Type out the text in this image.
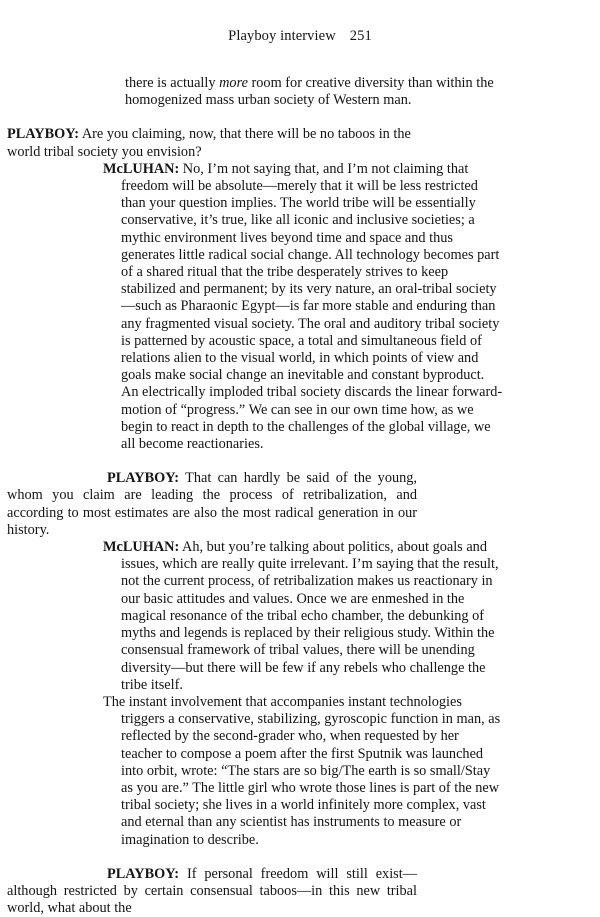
Playboy interview 251

there is actually more room for creative diversity than within the homogenized mass urban society of Western man.

PLAYBOY: Are you claiming, now, that there will be no taboos in the world tribal society you envision?

McLUHAN: No, I’m not saying that, and I’m not claiming that freedom will be absolute—merely that it will be less restricted than your question implies. The world tribe will be essentially conservative, it’s true, like all iconic and inclusive societies; a mythic environment lives beyond time and space and thus generates little radical social change. All technology becomes part of a shared ritual that the tribe desperately strives to keep stabilized and permanent; by its very nature, an oral-tribal society—such as Pharaonic Egypt—is far more stable and enduring than any fragmented visual society. The oral and auditory tribal society is patterned by acoustic space, a total and simultaneous field of relations alien to the visual world, in which points of view and goals make social change an inevitable and constant byproduct. An electrically imploded tribal society discards the linear forward-motion of “progress.” We can see in our own time how, as we begin to react in depth to the challenges of the global village, we all become reactionaries.

PLAYBOY: That can hardly be said of the young, whom you claim are leading the process of retribalization, and according to most estimates are also the most radical generation in our history.

McLUHAN: Ah, but you’re talking about politics, about goals and issues, which are really quite irrelevant. I’m saying that the result, not the current process, of retribalization makes us reactionary in our basic attitudes and values. Once we are enmeshed in the magical resonance of the tribal echo chamber, the debunking of myths and legends is replaced by their religious study. Within the consensual framework of tribal values, there will be unending diversity—but there will be few if any rebels who challenge the tribe itself.

The instant involvement that accompanies instant technologies triggers a conservative, stabilizing, gyroscopic function in man, as reflected by the second-grader who, when requested by her teacher to compose a poem after the first Sputnik was launched into orbit, wrote: “The stars are so big/The earth is so small/Stay as you are.” The little girl who wrote those lines is part of the new tribal society; she lives in a world infinitely more complex, vast and eternal than any scientist has instruments to measure or imagination to describe.

PLAYBOY: If personal freedom will still exist—although restricted by certain consensual taboos—in this new tribal world, what about the
